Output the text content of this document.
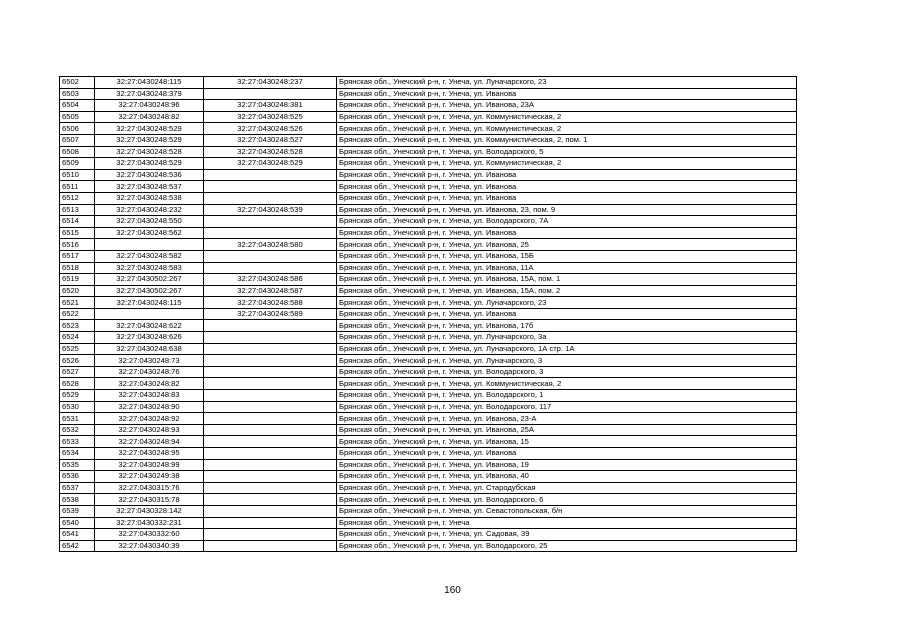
6502	32:27:0430248:115	32:27:0430248:237	Брянская обл., Унечский р-н, г. Унеча, ул. Луначарского, 23
6503	32:27:0430248:379		Брянская обл., Унечский р-н, г. Унеча, ул. Иванова
6504	32:27:0430248:96	32:27:0430248:381	Брянская обл., Унечский р-н, г. Унеча, ул. Иванова, 23А
6505	32:27:0430248:82	32:27:0430248:525	Брянская обл., Унечский р-н, г. Унеча, ул. Коммунистическая, 2
6506	32:27:0430248:529	32:27:0430248:526	Брянская обл., Унечский р-н, г. Унеча, ул. Коммунистическая, 2
6507	32:27:0430248:529	32:27:0430248:527	Брянская обл., Унечский р-н, г. Унеча, ул. Коммунистическая, 2, пом. 1
6508	32:27:0430248:528	32:27:0430248:528	Брянская обл., Унечский р-н, г. Унеча, ул. Володарского, 5
6509	32:27:0430248:529	32:27:0430248:529	Брянская обл., Унечский р-н, г. Унеча, ул. Коммунистическая, 2
6510	32:27:0430248:536		Брянская обл., Унечский р-н, г. Унеча, ул. Иванова
6511	32:27:0430248:537		Брянская обл., Унечский р-н, г. Унеча, ул. Иванова
6512	32:27:0430248:538		Брянская обл., Унечский р-н, г. Унеча, ул. Иванова
6513	32:27:0430248:232	32:27:0430248:539	Брянская обл., Унечский р-н, г. Унеча, ул. Иванова, 23, пом. 9
6514	32:27:0430248:550		Брянская обл., Унечский р-н, г. Унеча, ул. Володарского, 7А
6515	32:27:0430248:562		Брянская обл., Унечский р-н, г. Унеча, ул. Иванова
6516		32:27:0430248:580	Брянская обл., Унечский р-н, г. Унеча, ул. Иванова, 25
6517	32:27:0430248:582		Брянская обл., Унечский р-н, г. Унеча, ул. Иванова, 15Б
6518	32:27:0430248:583		Брянская обл., Унечский р-н, г. Унеча, ул. Иванова, 11А
6519	32:27:0430502:267	32:27:0430248:586	Брянская обл., Унечский р-н, г. Унеча, ул. Иванова, 15А, пом. 1
6520	32:27:0430502:267	32:27:0430248:587	Брянская обл., Унечский р-н, г. Унеча, ул. Иванова, 15А, пом. 2
6521	32:27:0430248:115	32:27:0430248:588	Брянская обл., Унечский р-н, г. Унеча, ул. Луначарского, 23
6522		32:27:0430248:589	Брянская обл., Унечский р-н, г. Унеча, ул. Иванова
6523	32:27:0430248:622		Брянская обл., Унечский р-н, г. Унеча, ул. Иванова, 17б
6524	32:27:0430248:626		Брянская обл., Унечский р-н, г. Унеча, ул. Луначарского, 3а
6525	32:27:0430248:638		Брянская обл., Унечский р-н, г. Унеча, ул. Луначарского, 1А стр. 1А
6526	32:27:0430248:73		Брянская обл., Унечский р-н, г. Унеча, ул. Луначарского, 3
6527	32:27:0430248:76		Брянская обл., Унечский р-н, г. Унеча, ул. Володарского, 3
6528	32:27:0430248:82		Брянская обл., Унечский р-н, г. Унеча, ул. Коммунистическая, 2
6529	32:27:0430248:83		Брянская обл., Унечский р-н, г. Унеча, ул. Володарского, 1
6530	32:27:0430248:90		Брянская обл., Унечский р-н, г. Унеча, ул. Володарского, 117
6531	32:27:0430248:92		Брянская обл., Унечский р-н, г. Унеча, ул. Иванова, 23-А
6532	32:27:0430248:93		Брянская обл., Унечский р-н, г. Унеча, ул. Иванова, 25А
6533	32:27:0430248:94		Брянская обл., Унечский р-н, г. Унеча, ул. Иванова, 15
6534	32:27:0430248:95		Брянская обл., Унечский р-н, г. Унеча, ул. Иванова
6535	32:27:0430248:99		Брянская обл., Унечский р-н, г. Унеча, ул. Иванова, 19
6536	32:27:0430249:38		Брянская обл., Унечский р-н, г. Унеча, ул. Иванова, 40
6537	32:27:0430315:76		Брянская обл., Унечский р-н, г. Унеча, ул. Стародубская
6538	32:27:0430315:78		Брянская обл., Унечский р-н, г. Унеча, ул. Володарского, 6
6539	32:27:0430328:142		Брянская обл., Унечский р-н, г. Унеча, ул. Севастопольская, б/н
6540	32:27:0430332:231		Брянская обл., Унечский р-н, г. Унеча
6541	32:27:0430332:60		Брянская обл., Унечский р-н, г. Унеча, ул. Садовая, 39
6542	32:27:0430340:39		Брянская обл., Унечский р-н, г. Унеча, ул. Володарского, 25
160
